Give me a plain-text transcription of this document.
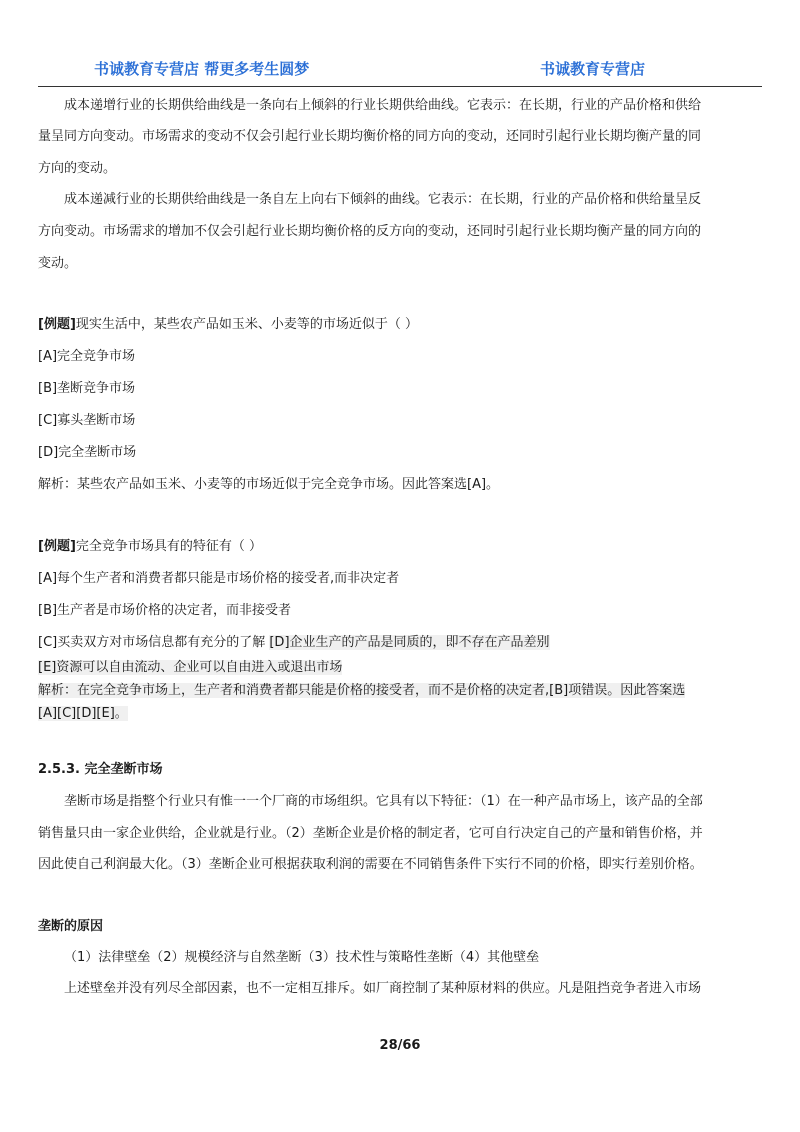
书诚教育专营店 帮更多考生圆梦	书诚教育专营店
成本递增行业的长期供给曲线是一条向右上倾斜的行业长期供给曲线。它表示：在长期，行业的产品价格和供给
量呈同方向变动。市场需求的变动不仅会引起行业长期均衡价格的同方向的变动，还同时引起行业长期均衡产量的同
方向的变动。
成本递减行业的长期供给曲线是一条自左上向右下倾斜的曲线。它表示：在长期，行业的产品价格和供给量呈反
方向变动。市场需求的增加不仅会引起行业长期均衡价格的反方向的变动，还同时引起行业长期均衡产量的同方向的
变动。
[例题]现实生活中，某些农产品如玉米、小麦等的市场近似于（ ）
[A]完全竞争市场
[B]垄断竞争市场
[C]寡头垄断市场
[D]完全垄断市场
解析：某些农产品如玉米、小麦等的市场近似于完全竞争市场。因此答案选[A]。
[例题]完全竞争市场具有的特征有（ ）
[A]每个生产者和消费者都只能是市场价格的接受者,而非决定者
[B]生产者是市场价格的决定者，而非接受者
[C]买卖双方对市场信息都有充分的了解 [D]企业生产的产品是同质的，即不存在产品差别
[E]资源可以自由流动、企业可以自由进入或退出市场
解析：在完全竞争市场上，生产者和消费者都只能是价格的接受者，而不是价格的决定者,[B]项错误。因此答案选
[A][C][D][E]。
2.5.3. 完全垄断市场
垄断市场是指整个行业只有惟一一个厂商的市场组织。它具有以下特征：（1）在一种产品市场上，该产品的全部
销售量只由一家企业供给，企业就是行业。（2）垄断企业是价格的制定者，它可自行决定自己的产量和销售价格，并
因此使自己利润最大化。（3）垄断企业可根据获取利润的需要在不同销售条件下实行不同的价格，即实行差别价格。
垄断的原因
（1）法律壁垒（2）规模经济与自然垄断（3）技术性与策略性垄断（4）其他壁垒
上述壁垒并没有列尽全部因素，也不一定相互排斥。如厂商控制了某种原材料的供应。凡是阻挡竞争者进入市场
28/66
